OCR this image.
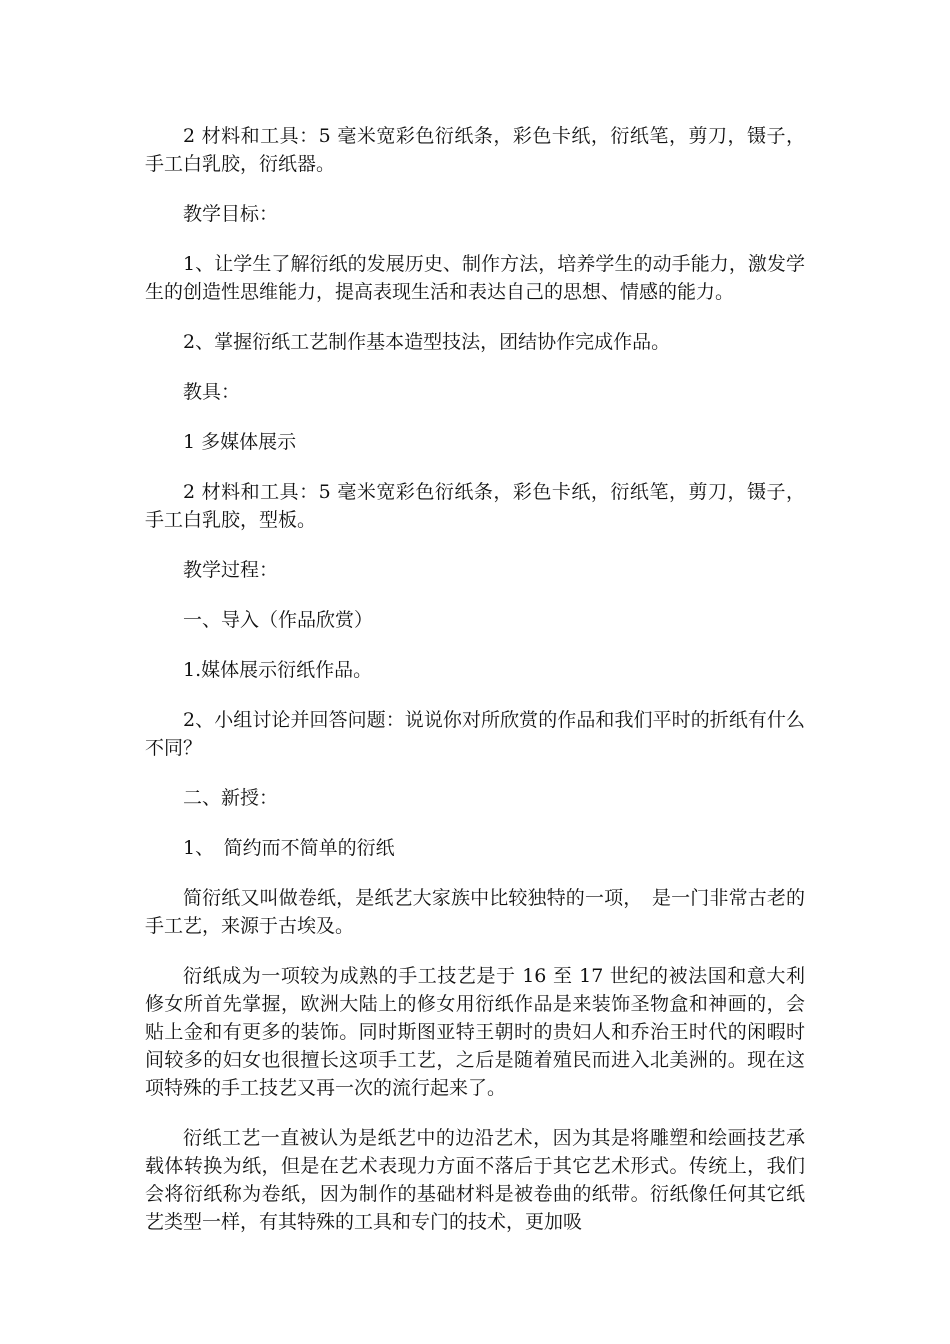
2 材料和工具：5 毫米宽彩色衍纸条，彩色卡纸，衍纸笔，剪刀，镊子，手工白乳胶，衍纸器。

教学目标：

1、让学生了解衍纸的发展历史、制作方法，培养学生的动手能力，激发学生的创造性思维能力，提高表现生活和表达自己的思想、情感的能力。

2、掌握衍纸工艺制作基本造型技法，团结协作完成作品。

教具：

1 多媒体展示

2 材料和工具：5 毫米宽彩色衍纸条，彩色卡纸，衍纸笔，剪刀，镊子，手工白乳胶，型板。

教学过程：

一、导入（作品欣赏）

1.媒体展示衍纸作品。

2、小组讨论并回答问题：说说你对所欣赏的作品和我们平时的折纸有什么不同？

二、新授：

1、　简约而不简单的衍纸

简衍纸又叫做卷纸，是纸艺大家族中比较独特的一项，　是一门非常古老的手工艺，来源于古埃及。

衍纸成为一项较为成熟的手工技艺是于 16 至 17 世纪的被法国和意大利修女所首先掌握，欧洲大陆上的修女用衍纸作品是来装饰圣物盒和神画的，会贴上金和有更多的装饰。同时斯图亚特王朝时的贵妇人和乔治王时代的闲暇时间较多的妇女也很擅长这项手工艺，之后是随着殖民而进入北美洲的。现在这项特殊的手工技艺又再一次的流行起来了。

衍纸工艺一直被认为是纸艺中的边沿艺术，因为其是将雕塑和绘画技艺承载体转换为纸，但是在艺术表现力方面不落后于其它艺术形式。传统上，我们会将衍纸称为卷纸，因为制作的基础材料是被卷曲的纸带。衍纸像任何其它纸艺类型一样，有其特殊的工具和专门的技术，更加吸
